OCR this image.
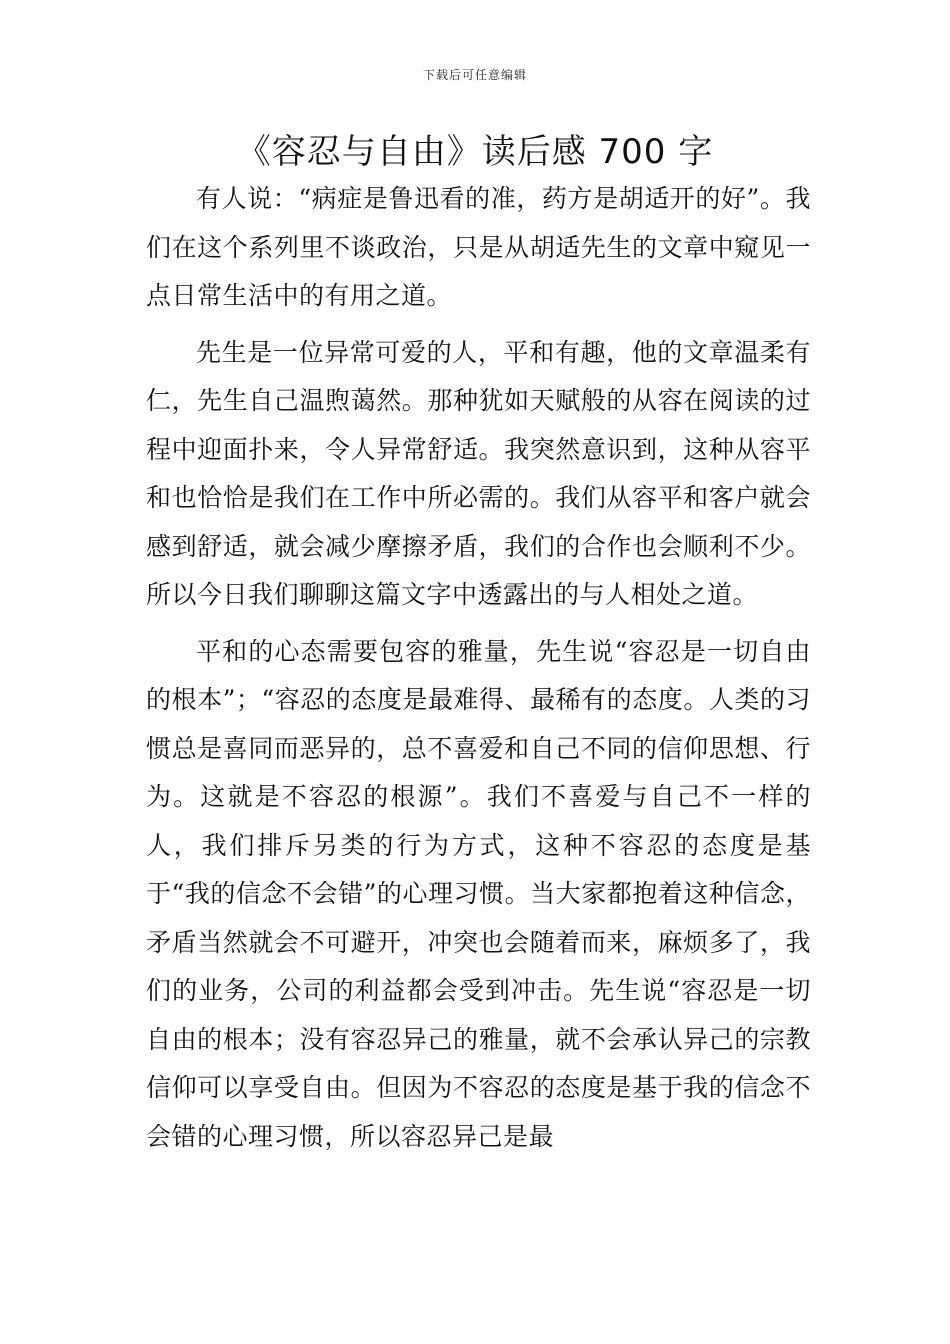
下载后可任意编辑
《容忍与自由》读后感 700 字

有人说：“病症是鲁迅看的准，药方是胡适开的好”。我们在这个系列里不谈政治，只是从胡适先生的文章中窥见一点日常生活中的有用之道。

先生是一位异常可爱的人，平和有趣，他的文章温柔有仁，先生自己温煦蔼然。那种犹如天赋般的从容在阅读的过程中迎面扑来，令人异常舒适。我突然意识到，这种从容平和也恰恰是我们在工作中所必需的。我们从容平和客户就会感到舒适，就会减少摩擦矛盾，我们的合作也会顺利不少。所以今日我们聊聊这篇文字中透露出的与人相处之道。

平和的心态需要包容的雅量，先生说“容忍是一切自由的根本”；“容忍的态度是最难得、最稀有的态度。人类的习惯总是喜同而恶异的，总不喜爱和自己不同的信仰思想、行为。这就是不容忍的根源”。我们不喜爱与自己不一样的人，我们排斥另类的行为方式，这种不容忍的态度是基于“我的信念不会错”的心理习惯。当大家都抱着这种信念，矛盾当然就会不可避开，冲突也会随着而来，麻烦多了，我们的业务，公司的利益都会受到冲击。先生说“容忍是一切自由的根本；没有容忍异己的雅量，就不会承认异己的宗教信仰可以享受自由。但因为不容忍的态度是基于我的信念不会错的心理习惯，所以容忍异己是最
